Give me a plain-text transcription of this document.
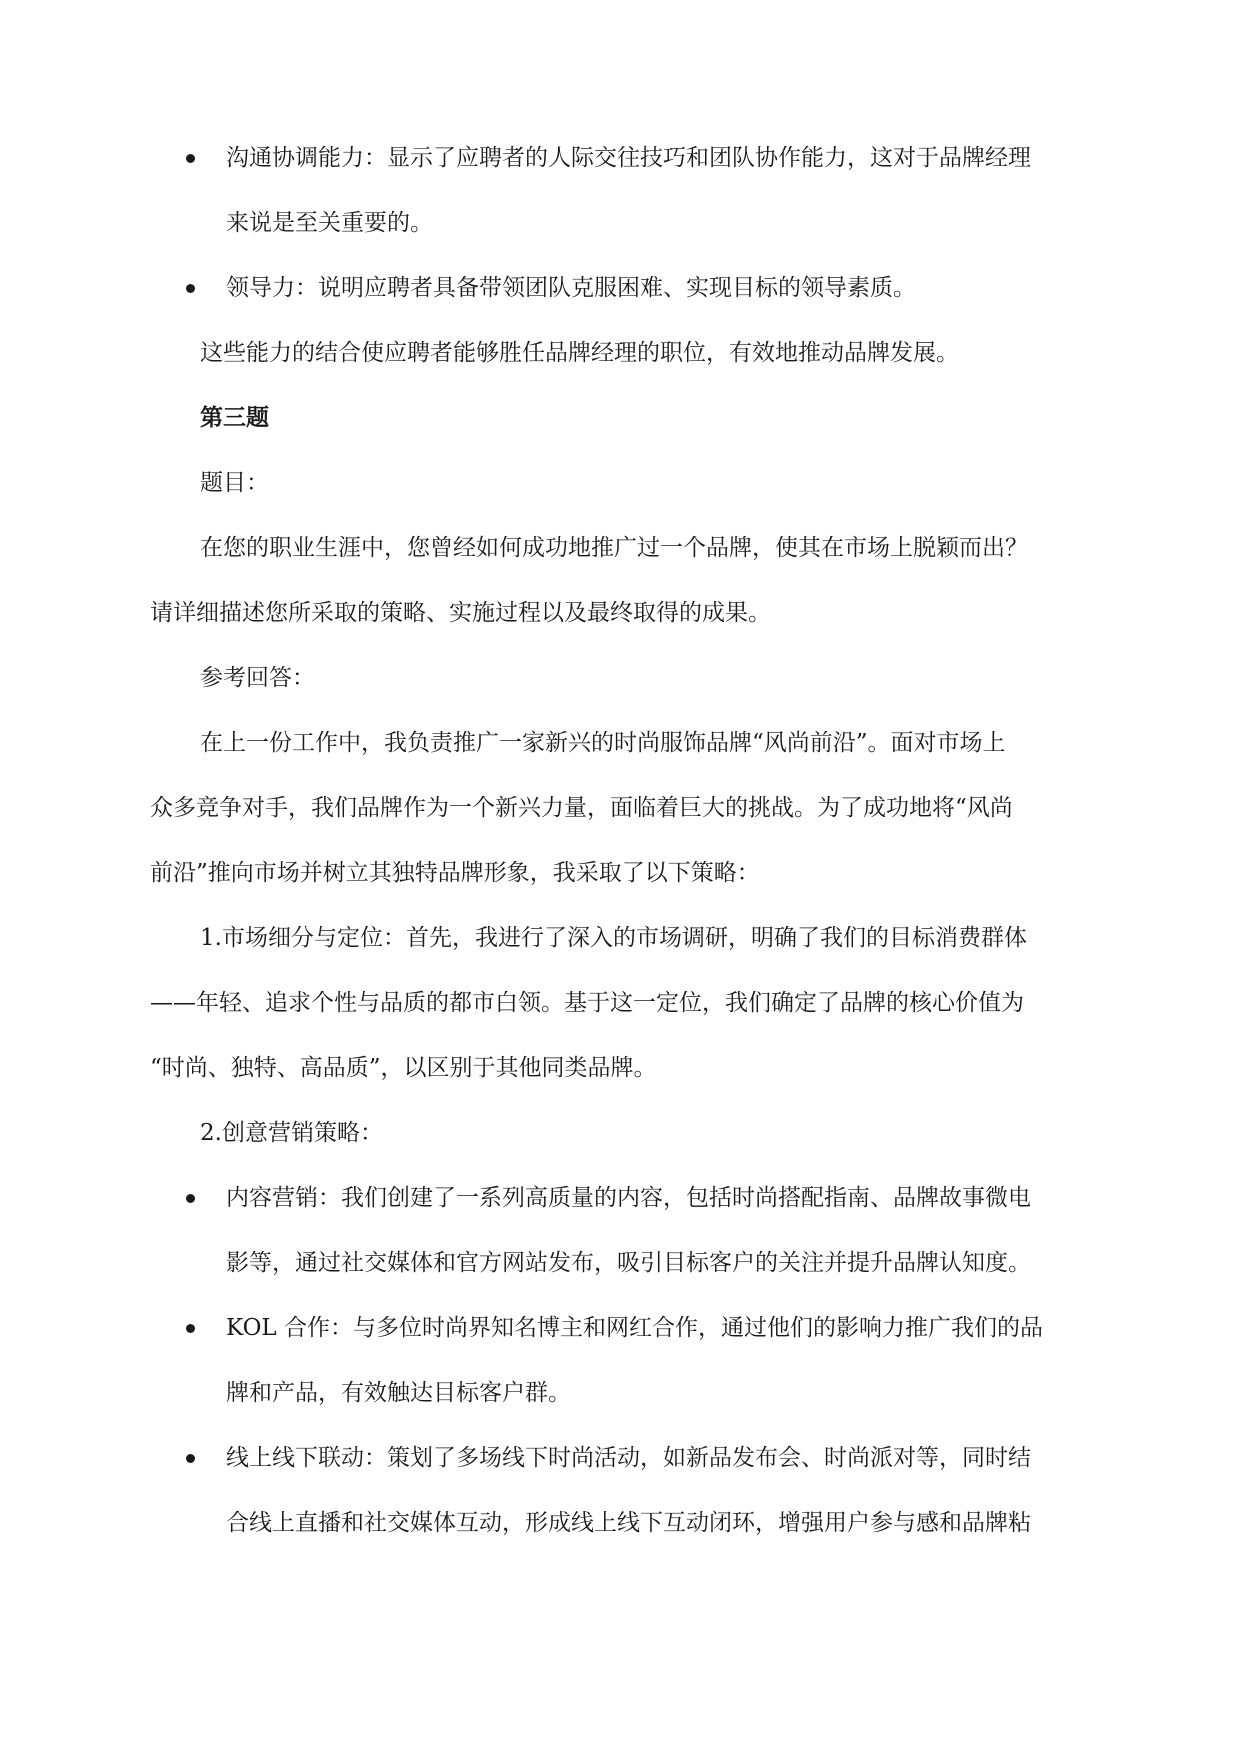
沟通协调能力：显示了应聘者的人际交往技巧和团队协作能力，这对于品牌经理
来说是至关重要的。
领导力：说明应聘者具备带领团队克服困难、实现目标的领导素质。
这些能力的结合使应聘者能够胜任品牌经理的职位，有效地推动品牌发展。
第三题
题目：
在您的职业生涯中，您曾经如何成功地推广过一个品牌，使其在市场上脱颖而出？
请详细描述您所采取的策略、实施过程以及最终取得的成果。
参考回答：
在上一份工作中，我负责推广一家新兴的时尚服饰品牌“风尚前沿”。面对市场上
众多竞争对手，我们品牌作为一个新兴力量，面临着巨大的挑战。为了成功地将“风尚
前沿”推向市场并树立其独特品牌形象，我采取了以下策略：
1.市场细分与定位：首先，我进行了深入的市场调研，明确了我们的目标消费群体
——年轻、追求个性与品质的都市白领。基于这一定位，我们确定了品牌的核心价值为
“时尚、独特、高品质”，以区别于其他同类品牌。
2.创意营销策略：
内容营销：我们创建了一系列高质量的内容，包括时尚搭配指南、品牌故事微电
影等，通过社交媒体和官方网站发布，吸引目标客户的关注并提升品牌认知度。
KOL 合作：与多位时尚界知名博主和网红合作，通过他们的影响力推广我们的品
牌和产品，有效触达目标客户群。
线上线下联动：策划了多场线下时尚活动，如新品发布会、时尚派对等，同时结
合线上直播和社交媒体互动，形成线上线下互动闭环，增强用户参与感和品牌粘
